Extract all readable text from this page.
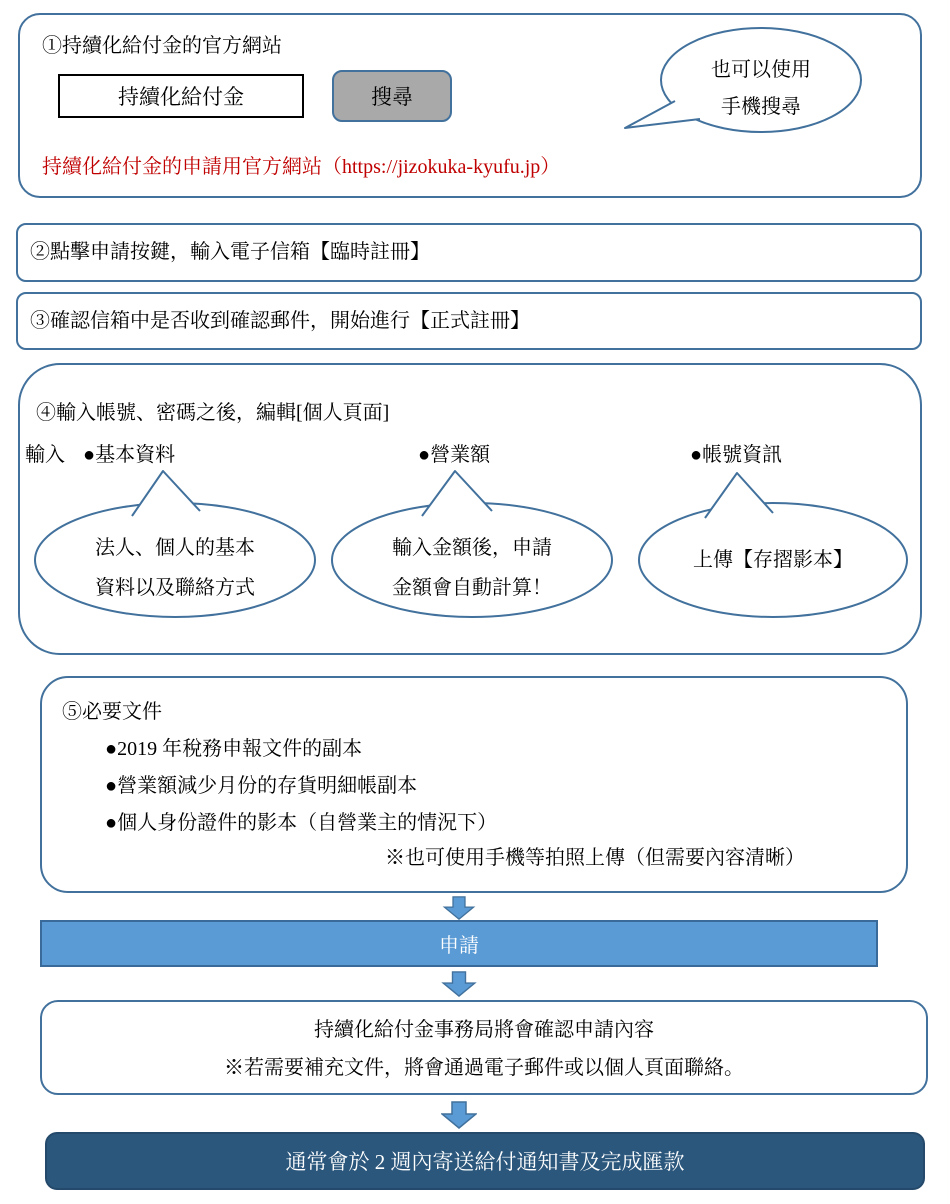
①持續化給付金的官方網站
持續化給付金
搜尋
持續化給付金的申請用官方網站（https://jizokuka-kyufu.jp）
也可以使用
手機搜尋
②點擊申請按鍵，輸入電子信箱【臨時註冊】
③確認信箱中是否收到確認郵件，開始進行【正式註冊】
④輸入帳號、密碼之後，編輯[個人頁面]
輸入 ●基本資料	●營業額	●帳號資訊
法人、個人的基本
資料以及聯絡方式
輸入金額後，申請
金額會自動計算！
上傳【存摺影本】
⑤必要文件
●2019 年稅務申報文件的副本
●營業額減少月份的存貨明細帳副本
●個人身份證件的影本（自營業主的情況下）
※也可使用手機等拍照上傳（但需要內容清晰）
申請
持續化給付金事務局將會確認申請內容
※若需要補充文件，將會通過電子郵件或以個人頁面聯絡。
通常會於 2 週內寄送給付通知書及完成匯款
